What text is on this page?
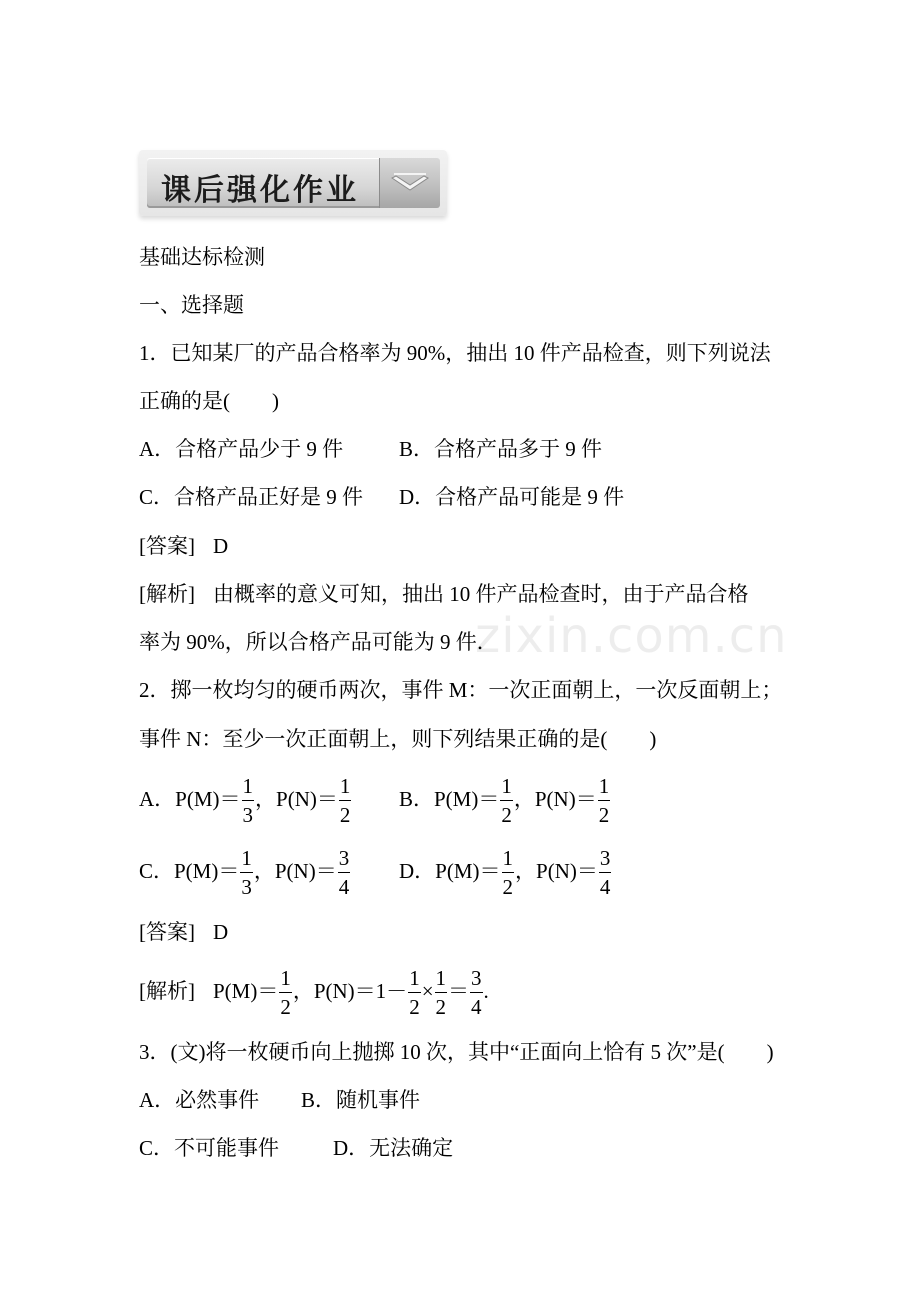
课后强化作业
zixin.com.cn
基础达标检测
一、选择题
1．已知某厂的产品合格率为 90%，抽出 10 件产品检查，则下列说法
正确的是(　　)
A．合格产品少于 9 件	B．合格产品多于 9 件
C．合格产品正好是 9 件 D．合格产品可能是 9 件
[答案] D
[解析] 由概率的意义可知，抽出 10 件产品检查时，由于产品合格
率为 90%，所以合格产品可能为 9 件．
2．掷一枚均匀的硬币两次，事件 M：一次正面朝上，一次反面朝上；
事件 N：至少一次正面朝上，则下列结果正确的是(　　)
A．$P(M)= \frac{1}{3}$ ，$P(N)= \frac{1}{2}$ B．$P(M)= \frac{1}{2}$ ，$P(N)= \frac{1}{2}$
C．$P(M)= \frac{1}{3}$ ，$P(N)= \frac{3}{4}$ D．$P(M)= \frac{1}{2}$ ，$P(N)= \frac{3}{4}$
[答案] D
[解析] $P(M)= \frac{1}{2}$ ，$P(N)=1- \frac{1}{2} \times \frac{1}{2} = \frac{3}{4}$ .
3．(文)将一枚硬币向上抛掷 10 次，其中“正面向上恰有 5 次”是(　　)
A．必然事件 B．随机事件
C．不可能事件	D．无法确定
